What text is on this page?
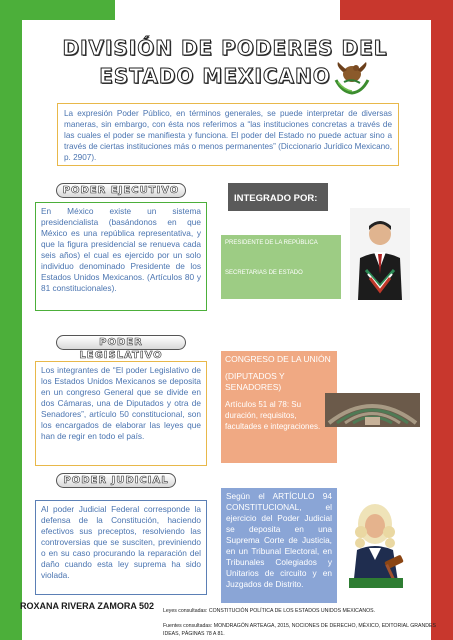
DIVISIÓN DE PODERES DEL
ESTADO MEXICANO
La expresión Poder Público, en términos generales, se puede interpretar de diversas maneras, sin embargo, con ésta nos referimos a “las instituciones concretas a través de las cuales el poder se manifiesta y funciona. El poder del Estado no puede actuar sino a través de ciertas instituciones más o menos permanentes” (Diccionario Jurídico Mexicano, p. 2907).
PODER EJECUTIVO
En México existe un sistema presidencialista (basándonos en que México es una república representativa, y que la figura presidencial se renueva cada seis años) el cual es ejercido por un solo individuo denominado Presidente de los Estados Unidos Mexicanos. (Artículos 80 y 81 constitucionales).
INTEGRADO POR:
PRESIDENTE DE LA REPÚBLICA
SECRETARIAS DE ESTADO
PODER LEGISLATIVO
Los integrantes de “El poder Legislativo de los Estados Unidos Mexicanos se deposita en un congreso General que se divide en dos Cámaras, una de Diputados y otra de Senadores”, artículo 50 constitucional, son los encargados de elaborar las leyes que han de regir en todo el país.
CONGRESO DE LA UNIÓN
(DIPUTADOS Y SENADORES)
Artículos 51 al 78: Su duración, requisitos, facultades e integraciones.
PODER JUDICIAL
Al poder Judicial Federal corresponde la defensa de la Constitución, haciendo efectivos sus preceptos, resolviendo las controversias que se susciten, previniendo o en su caso procurando la reparación del daño cuando esta ley suprema ha sido violada.
Según el ARTÍCULO 94 CONSTITUCIONAL, el ejercicio del Poder Judicial se deposita en una Suprema Corte de Justicia, en un Tribunal Electoral, en Tribunales Colegiados y Unitarios de circuito y en Juzgados de Distrito.
ROXANA RIVERA ZAMORA 502 Leyes consultadas: CONSTITUCIÓN POLÍTICA DE LOS ESTADOS UNIDOS MEXICANOS.
Fuentes consultadas: MONDRAGÓN ARTEAGA, 2015, NOCIONES DE DERECHO, MÉXICO, EDITORIAL GRANDES
IDEAS, PÁGINAS 78 A 81.
